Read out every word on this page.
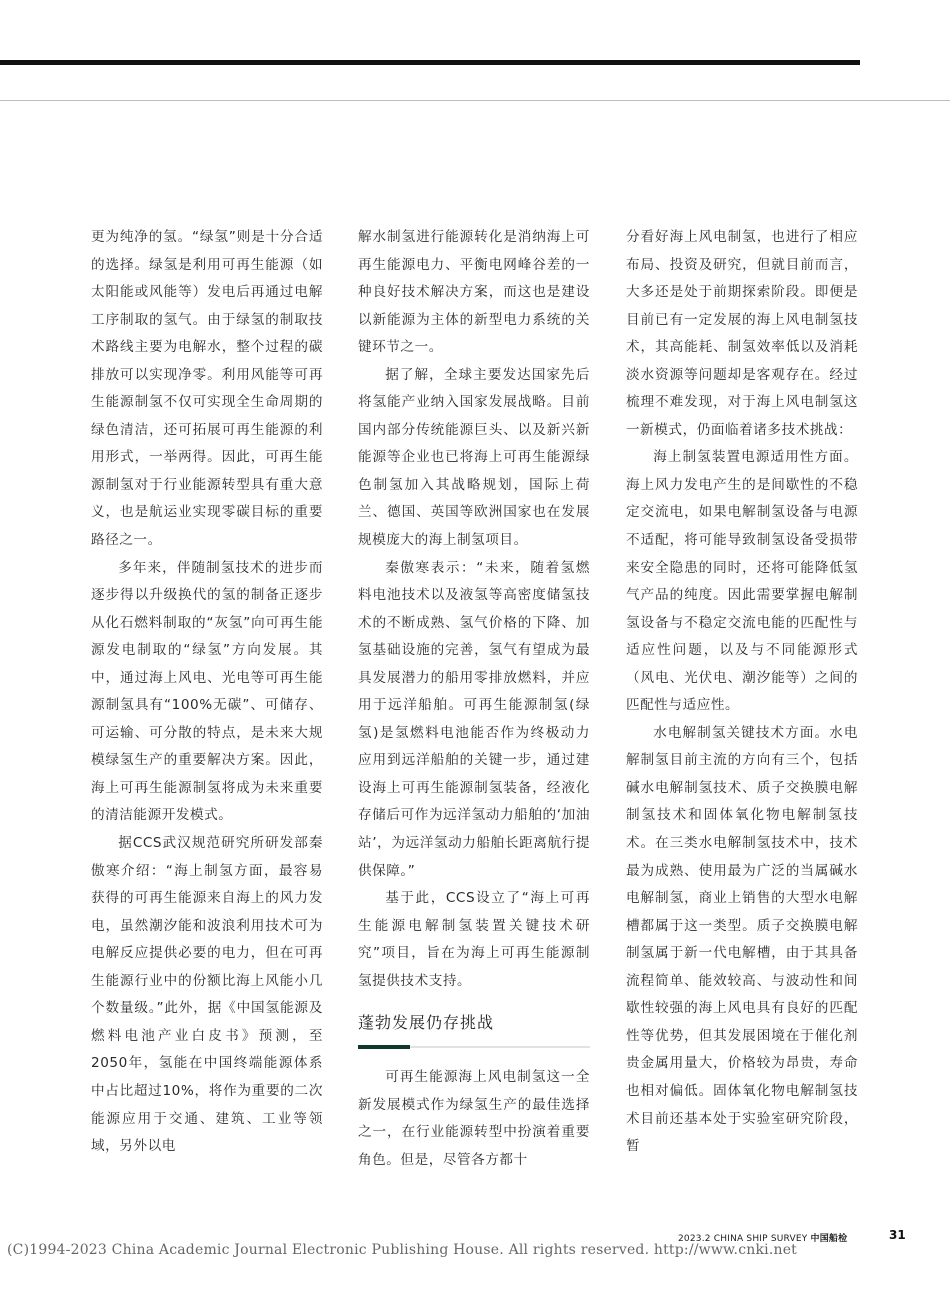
更为纯净的氢。“绿氢”则是十分合适的选择。绿氢是利用可再生能源（如太阳能或风能等）发电后再通过电解工序制取的氢气。由于绿氢的制取技术路线主要为电解水，整个过程的碳排放可以实现净零。利用风能等可再生能源制氢不仅可实现全生命周期的绿色清洁，还可拓展可再生能源的利用形式，一举两得。因此，可再生能源制氢对于行业能源转型具有重大意义，也是航运业实现零碳目标的重要路径之一。

多年来，伴随制氢技术的进步而逐步得以升级换代的氢的制备正逐步从化石燃料制取的“灰氢”向可再生能源发电制取的“绿氢”方向发展。其中，通过海上风电、光电等可再生能源制氢具有“100%无碳”、可储存、可运输、可分散的特点，是未来大规模绿氢生产的重要解决方案。因此，海上可再生能源制氢将成为未来重要的清洁能源开发模式。

据CCS武汉规范研究所研发部秦傲寒介绍：“海上制氢方面，最容易获得的可再生能源来自海上的风力发电，虽然潮汐能和波浪利用技术可为电解反应提供必要的电力，但在可再生能源行业中的份额比海上风能小几个数量级。”此外，据《中国氢能源及燃料电池产业白皮书》预测，至2050年，氢能在中国终端能源体系中占比超过10%，将作为重要的二次能源应用于交通、建筑、工业等领域，另外以电

解水制氢进行能源转化是消纳海上可再生能源电力、平衡电网峰谷差的一种良好技术解决方案，而这也是建设以新能源为主体的新型电力系统的关键环节之一。

据了解，全球主要发达国家先后将氢能产业纳入国家发展战略。目前国内部分传统能源巨头、以及新兴新能源等企业也已将海上可再生能源绿色制氢加入其战略规划，国际上荷兰、德国、英国等欧洲国家也在发展规模庞大的海上制氢项目。

秦傲寒表示：“未来，随着氢燃料电池技术以及液氢等高密度储氢技术的不断成熟、氢气价格的下降、加氢基础设施的完善，氢气有望成为最具发展潜力的船用零排放燃料，并应用于远洋船舶。可再生能源制氢(绿氢)是氢燃料电池能否作为终极动力应用到远洋船舶的关键一步，通过建设海上可再生能源制氢装备，经液化存储后可作为远洋氢动力船舶的‘加油站’，为远洋氢动力船舶长距离航行提供保障。”

基于此，CCS设立了“海上可再生能源电解制氢装置关键技术研究”项目，旨在为海上可再生能源制氢提供技术支持。

蓬勃发展仍存挑战

可再生能源海上风电制氢这一全新发展模式作为绿氢生产的最佳选择之一，在行业能源转型中扮演着重要角色。但是，尽管各方都十

分看好海上风电制氢，也进行了相应布局、投资及研究，但就目前而言，大多还是处于前期探索阶段。即便是目前已有一定发展的海上风电制氢技术，其高能耗、制氢效率低以及消耗淡水资源等问题却是客观存在。经过梳理不难发现，对于海上风电制氢这一新模式，仍面临着诸多技术挑战：

海上制氢装置电源适用性方面。海上风力发电产生的是间歇性的不稳定交流电，如果电解制氢设备与电源不适配，将可能导致制氢设备受损带来安全隐患的同时，还将可能降低氢气产品的纯度。因此需要掌握电解制氢设备与不稳定交流电能的匹配性与适应性问题，以及与不同能源形式（风电、光伏电、潮汐能等）之间的匹配性与适应性。

水电解制氢关键技术方面。水电解制氢目前主流的方向有三个，包括碱水电解制氢技术、质子交换膜电解制氢技术和固体氧化物电解制氢技术。在三类水电解制氢技术中，技术最为成熟、使用最为广泛的当属碱水电解制氢，商业上销售的大型水电解槽都属于这一类型。质子交换膜电解制氢属于新一代电解槽，由于其具备流程简单、能效较高、与波动性和间歇性较强的海上风电具有良好的匹配性等优势，但其发展困境在于催化剂贵金属用量大，价格较为昂贵，寿命也相对偏低。固体氧化物电解制氢技术目前还基本处于实验室研究阶段，暂

2023.2 CHINA SHIP SURVEY 中国船检	31
(C)1994-2023 China Academic Journal Electronic Publishing House. All rights reserved. http://www.cnki.net
